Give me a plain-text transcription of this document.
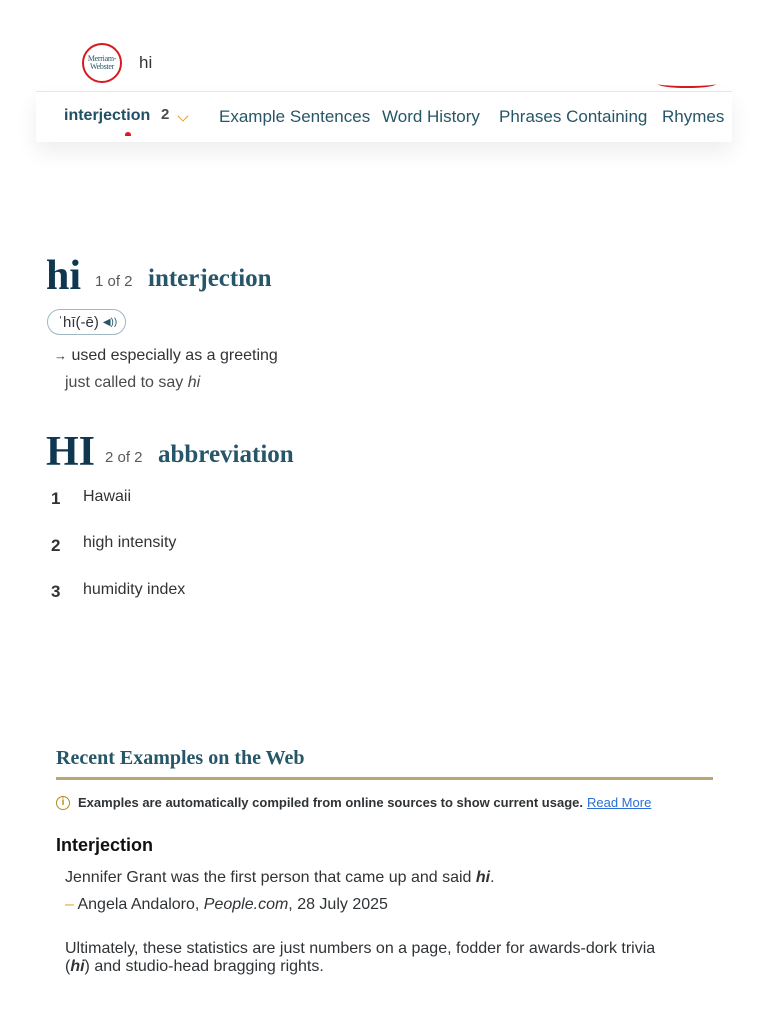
Merriam-
Webster hi
interjection 2	Example Sentences Word History Phrases Containing Rhymes
hi 1 of 2 interjection
ˈhī(-ē) ◀︎))
→ used especially as a greeting
just called to say hi
HI 2 of 2 abbreviation
1 Hawaii
2 high intensity
3 humidity index
Recent Examples on the Web
i	Examples are automatically compiled from online sources to show current usage. Read More
Interjection
Jennifer Grant was the first person that came up and said hi.
– Angela Andaloro, People.com, 28 July 2025
Ultimately, these statistics are just numbers on a page, fodder for awards-dork trivia
(hi) and studio-head bragging rights.
